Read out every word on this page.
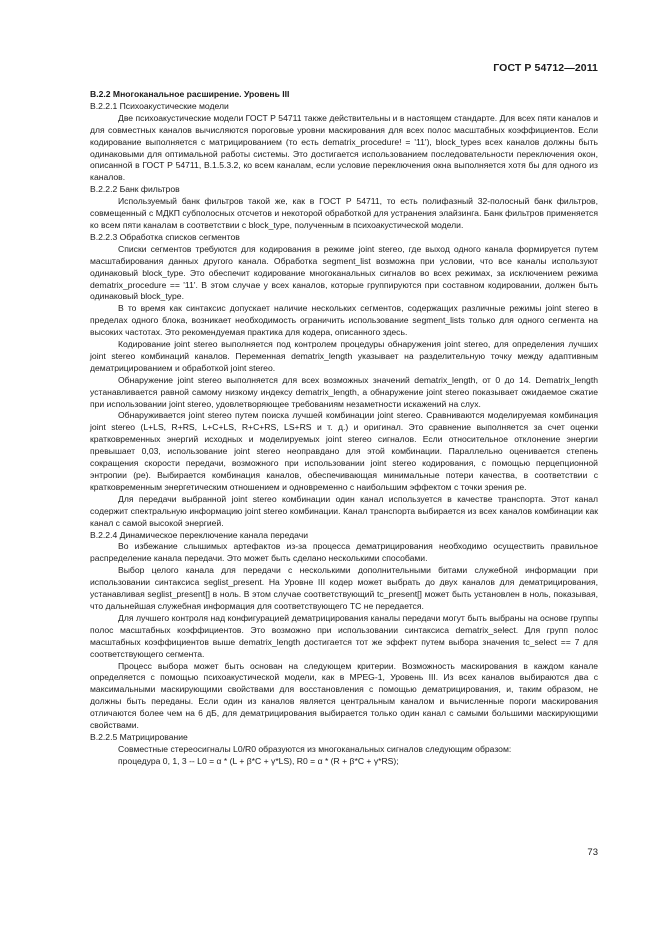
ГОСТ Р 54712—2011

B.2.2 Многоканальное расширение. Уровень III

B.2.2.1 Психоакустические модели

Две психоакустические модели ГОСТ Р 54711 также действительны и в настоящем стандарте. Для всех пяти каналов и для совместных каналов вычисляются пороговые уровни маскирования для всех полос масштабных коэффициентов. Если кодирование выполняется с матрицированием (то есть dematrix_procedure! = '11'), block_types всех каналов должны быть одинаковыми для оптимальной работы системы. Это достигается использованием последовательности переключения окон, описанной в ГОСТ Р 54711, B.1.5.3.2, ко всем каналам, если условие переключения окна выполняется хотя бы для одного из каналов.

B.2.2.2 Банк фильтров

Используемый банк фильтров такой же, как в ГОСТ Р 54711, то есть полифазный 32-полосный банк фильтров, совмещенный с МДКП субполосных отсчетов и некоторой обработкой для устранения элайзинга. Банк фильтров применяется ко всем пяти каналам в соответствии с block_type, полученным в психоакустической модели.

B.2.2.3 Обработка списков сегментов

Списки сегментов требуются для кодирования в режиме joint stereo, где выход одного канала формируется путем масштабирования данных другого канала. Обработка segment_list возможна при условии, что все каналы используют одинаковый block_type. Это обеспечит кодирование многоканальных сигналов во всех режимах, за исключением режима dematrix_procedure == '11'. В этом случае у всех каналов, которые группируются при составном кодировании, должен быть одинаковый block_type.

В то время как синтаксис допускает наличие нескольких сегментов, содержащих различные режимы joint stereo в пределах одного блока, возникает необходимость ограничить использование segment_lists только для одного сегмента на высоких частотах. Это рекомендуемая практика для кодера, описанного здесь.

Кодирование joint stereo выполняется под контролем процедуры обнаружения joint stereo, для определения лучших joint stereo комбинаций каналов. Переменная dematrix_length указывает на разделительную точку между адаптивным дематрицированием и обработкой joint stereo.

Обнаружение joint stereo выполняется для всех возможных значений dematrix_length, от 0 до 14. Dematrix_length устанавливается равной самому низкому индексу dematrix_length, а обнаружение joint stereo показывает ожидаемое сжатие при использовании joint stereo, удовлетворяющее требованиям незаметности искажений на слух.

Обнаруживается joint stereo путем поиска лучшей комбинации joint stereo. Сравниваются моделируемая комбинация joint stereo (L+LS, R+RS, L+C+LS, R+C+RS, LS+RS и т. д.) и оригинал. Это сравнение выполняется за счет оценки кратковременных энергий исходных и моделируемых joint stereo сигналов. Если относительное отклонение энергии превышает 0,03, использование joint stereo неоправдано для этой комбинации. Параллельно оценивается степень сокращения скорости передачи, возможного при использовании joint stereo кодирования, с помощью перцепционной энтропии (pe). Выбирается комбинация каналов, обеспечивающая минимальные потери качества, в соответствии с кратковременным энергетическим отношением и одновременно с наибольшим эффектом с точки зрения pe.

Для передачи выбранной joint stereo комбинации один канал используется в качестве транспорта. Этот канал содержит спектральную информацию joint stereo комбинации. Канал транспорта выбирается из всех каналов комбинации как канал с самой высокой энергией.

B.2.2.4 Динамическое переключение канала передачи

Во избежание слышимых артефактов из-за процесса дематрицирования необходимо осуществить правильное распределение канала передачи. Это может быть сделано несколькими способами.

Выбор целого канала для передачи с несколькими дополнительными битами служебной информации при использовании синтаксиса seglist_present. На Уровне III кодер может выбрать до двух каналов для дематрицирования, устанавливая seglist_present[] в ноль. В этом случае соответствующий tc_present[] может быть установлен в ноль, показывая, что дальнейшая служебная информация для соответствующего TC не передается.

Для лучшего контроля над конфигурацией дематрицирования каналы передачи могут быть выбраны на основе группы полос масштабных коэффициентов. Это возможно при использовании синтаксиса dematrix_select. Для групп полос масштабных коэффициентов выше dematrix_length достигается тот же эффект путем выбора значения tc_select == 7 для соответствующего сегмента.

Процесс выбора может быть основан на следующем критерии. Возможность маскирования в каждом канале определяется с помощью психоакустической модели, как в MPEG-1, Уровень III. Из всех каналов выбираются два с максимальными маскирующими свойствами для восстановления с помощью дематрицирования, и, таким образом, не должны быть переданы. Если один из каналов является центральным каналом и вычисленные пороги маскирования отличаются более чем на 6 дБ, для дематрицирования выбирается только один канал с самыми большими маскирующими свойствами.

B.2.2.5 Матрицирование

Совместные стереосигналы L0/R0 образуются из многоканальных сигналов следующим образом:

процедура 0, 1, 3 -- L0 = α * (L + β*C + γ*LS), R0 = α * (R + β*C + γ*RS);

73
